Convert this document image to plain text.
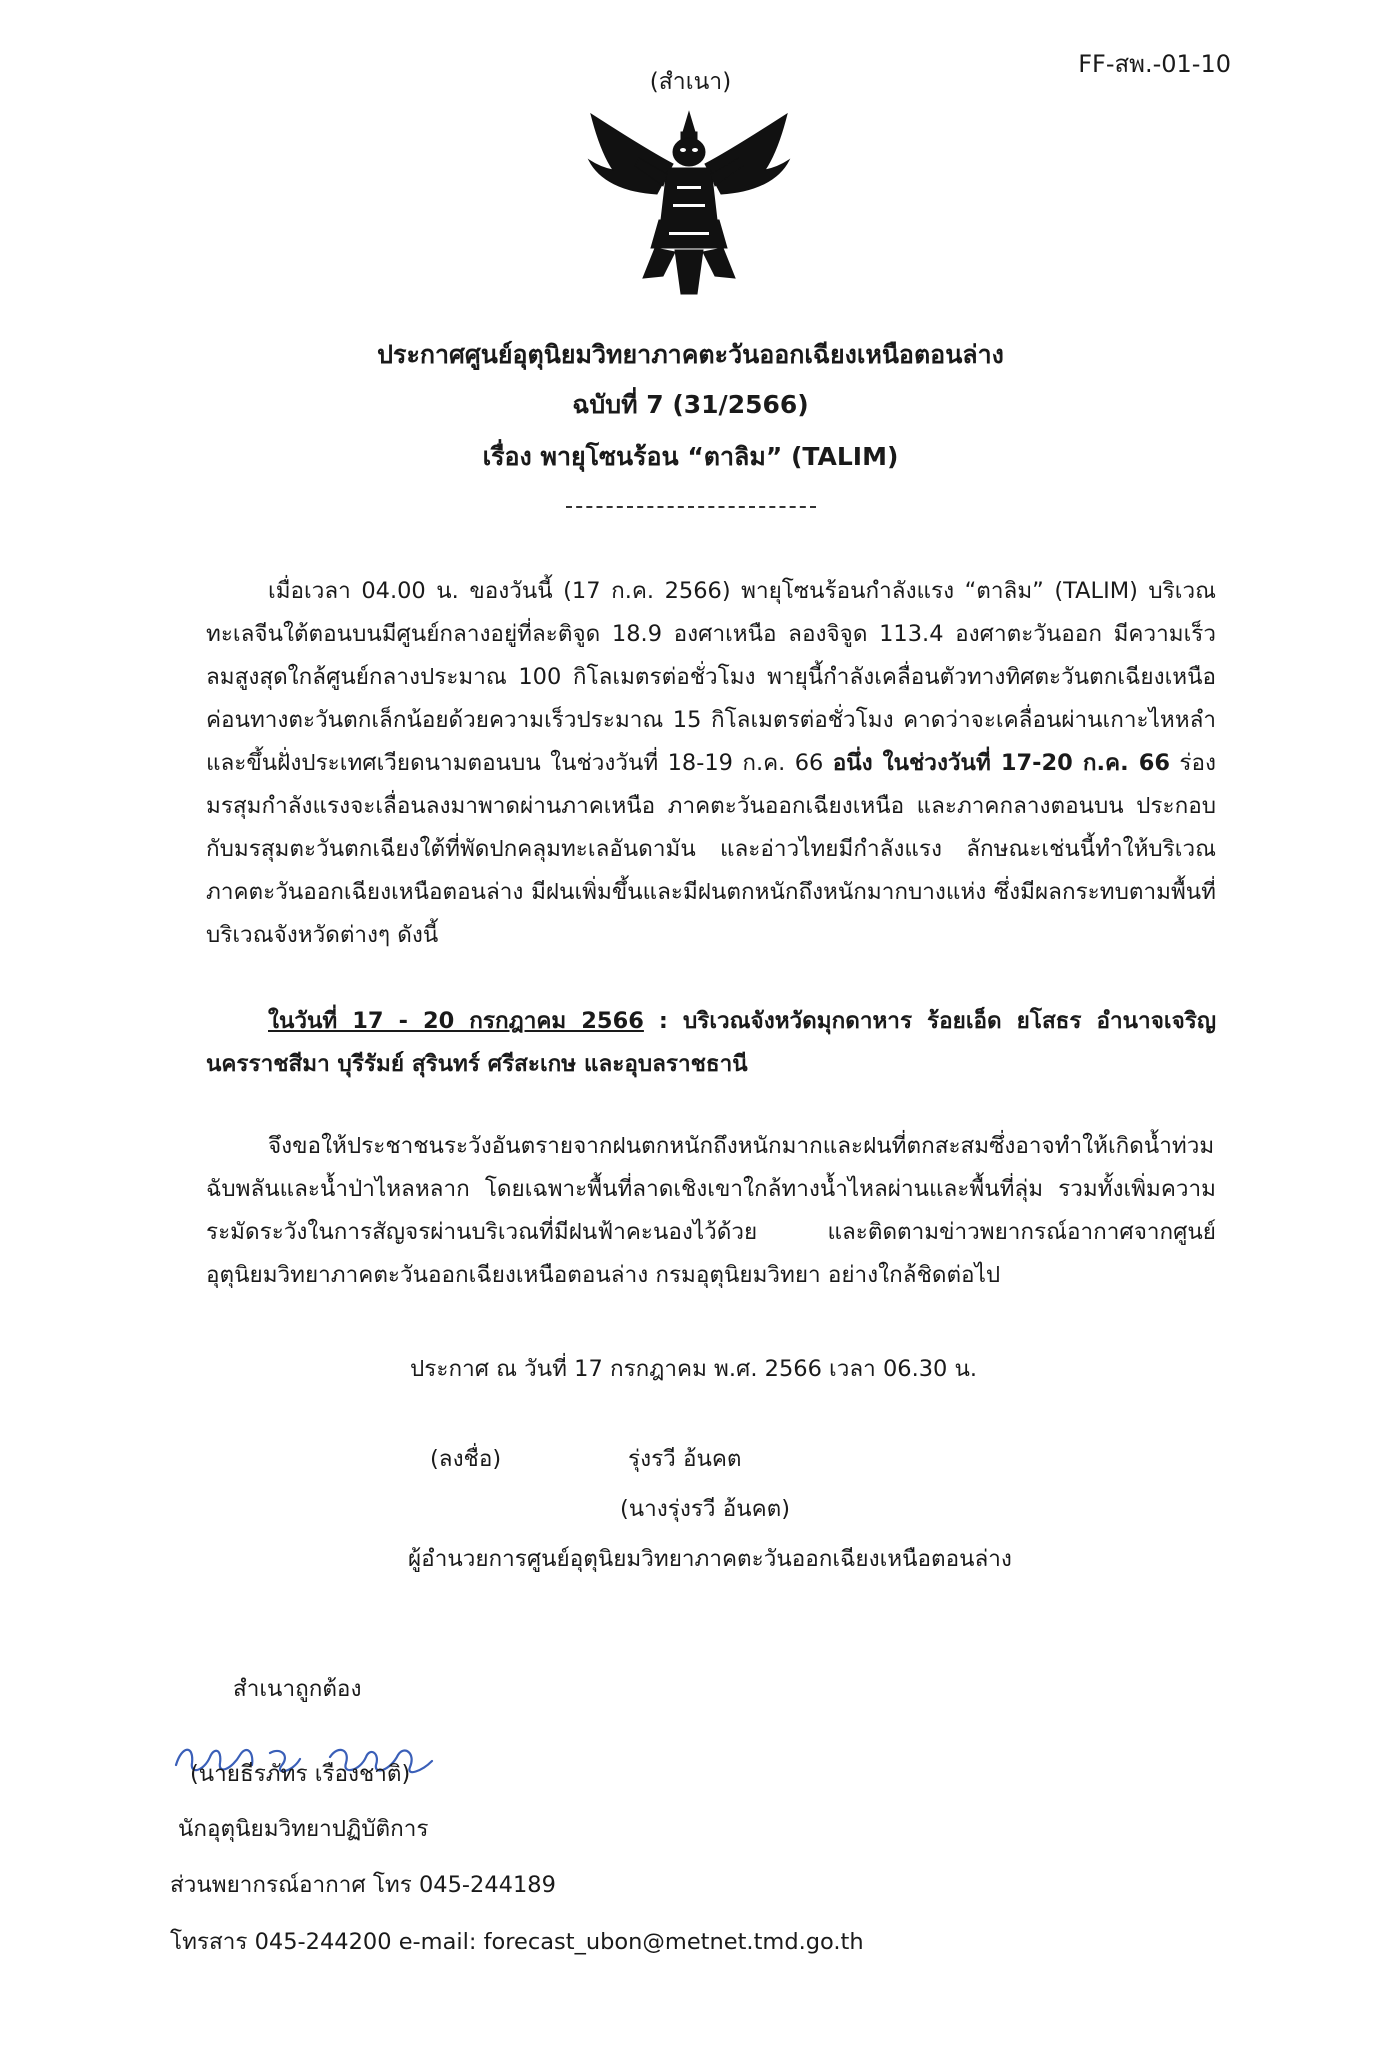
FF-สพ.-01-10
(สำเนา)
ประกาศศูนย์อุตุนิยมวิทยาภาคตะวันออกเฉียงเหนือตอนล่าง
ฉบับที่ 7 (31/2566)
เรื่อง พายุโซนร้อน “ตาลิม” (TALIM)

เมื่อเวลา 04.00 น. ของวันนี้ (17 ก.ค. 2566) พายุโซนร้อนกำลังแรง “ตาลิม” (TALIM) บริเวณทะเลจีนใต้ตอนบนมีศูนย์กลางอยู่ที่ละติจูด 18.9 องศาเหนือ ลองจิจูด 113.4 องศาตะวันออก มีความเร็วลมสูงสุดใกล้ศูนย์กลางประมาณ 100 กิโลเมตรต่อชั่วโมง พายุนี้กำลังเคลื่อนตัวทางทิศตะวันตกเฉียงเหนือค่อนทางตะวันตกเล็กน้อยด้วยความเร็วประมาณ 15 กิโลเมตรต่อชั่วโมง คาดว่าจะเคลื่อนผ่านเกาะไหหลำและขึ้นฝั่งประเทศเวียดนามตอนบน ในช่วงวันที่ 18-19 ก.ค. 66 อนึ่ง ในช่วงวันที่ 17-20 ก.ค. 66 ร่องมรสุมกำลังแรงจะเลื่อนลงมาพาดผ่านภาคเหนือ ภาคตะวันออกเฉียงเหนือ และภาคกลางตอนบน ประกอบกับมรสุมตะวันตกเฉียงใต้ที่พัดปกคลุมทะเลอันดามัน และอ่าวไทยมีกำลังแรง ลักษณะเช่นนี้ทำให้บริเวณภาคตะวันออกเฉียงเหนือตอนล่าง มีฝนเพิ่มขึ้นและมีฝนตกหนักถึงหนักมากบางแห่ง ซึ่งมีผลกระทบตามพื้นที่บริเวณจังหวัดต่างๆ ดังนี้

ในวันที่ 17 - 20 กรกฎาคม 2566 : บริเวณจังหวัดมุกดาหาร ร้อยเอ็ด ยโสธร อำนาจเจริญ นครราชสีมา บุรีรัมย์ สุรินทร์ ศรีสะเกษ และอุบลราชธานี

จึงขอให้ประชาชนระวังอันตรายจากฝนตกหนักถึงหนักมากและฝนที่ตกสะสมซึ่งอาจทำให้เกิดน้ำท่วมฉับพลันและน้ำป่าไหลหลาก โดยเฉพาะพื้นที่ลาดเชิงเขาใกล้ทางน้ำไหลผ่านและพื้นที่ลุ่ม รวมทั้งเพิ่มความระมัดระวังในการสัญจรผ่านบริเวณที่มีฝนฟ้าคะนองไว้ด้วย และติดตามข่าวพยากรณ์อากาศจากศูนย์อุตุนิยมวิทยาภาคตะวันออกเฉียงเหนือตอนล่าง กรมอุตุนิยมวิทยา อย่างใกล้ชิดต่อไป

ประกาศ ณ วันที่ 17 กรกฎาคม พ.ศ. 2566 เวลา 06.30 น.
(ลงชื่อ)	รุ่งรวี อ้นคต
(นางรุ่งรวี อ้นคต)
ผู้อำนวยการศูนย์อุตุนิยมวิทยาภาคตะวันออกเฉียงเหนือตอนล่าง
สำเนาถูกต้อง
(นายธีรภัทร เรืองชาติ)
นักอุตุนิยมวิทยาปฏิบัติการ
ส่วนพยากรณ์อากาศ โทร 045-244189
โทรสาร 045-244200 e-mail: forecast_ubon@metnet.tmd.go.th
